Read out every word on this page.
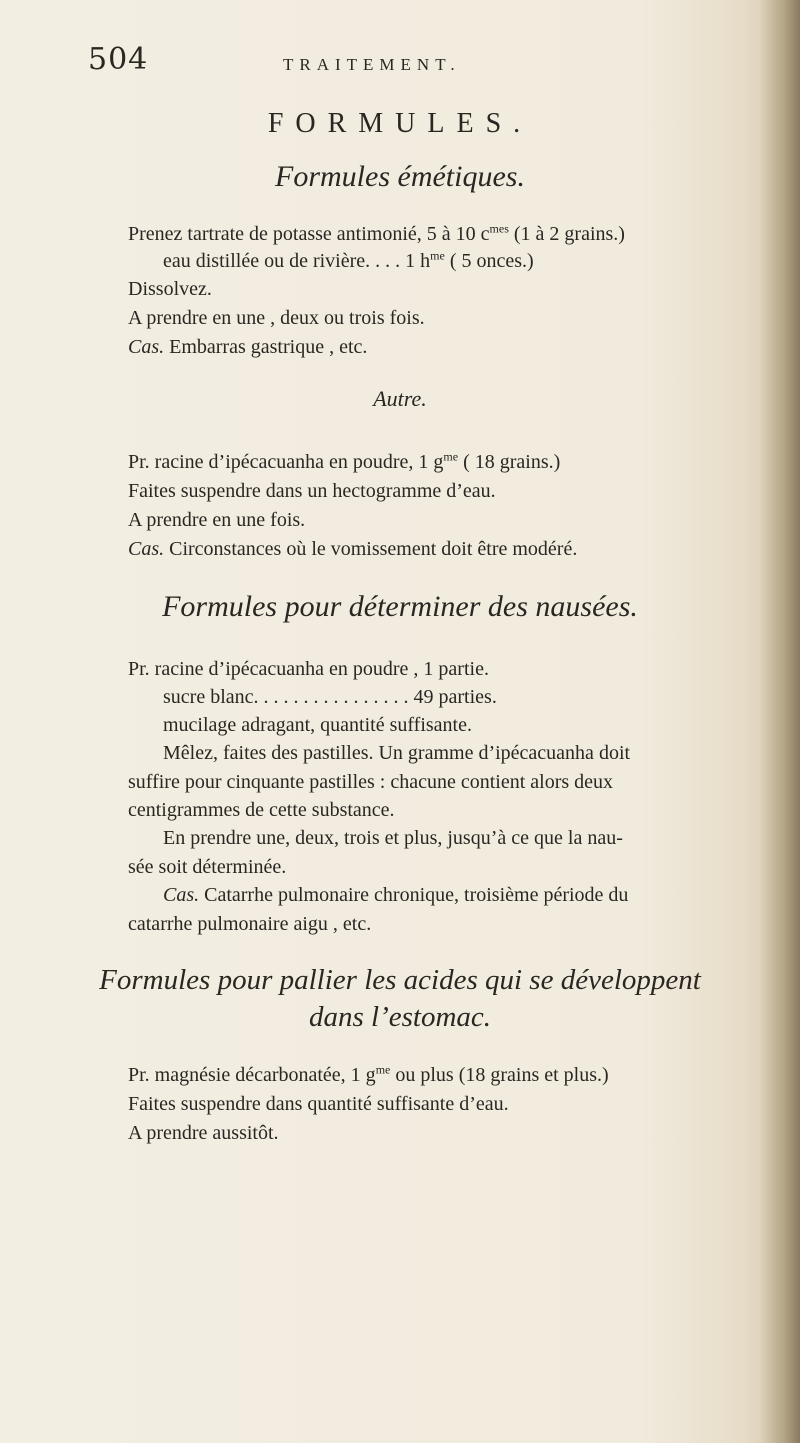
504	TRAITEMENT.
FORMULES.
Formules émétiques.
Prenez tartrate de potasse antimonié, 5 à 10 $c^{mes}$ (1 à 2 grains.)
eau distillée ou de rivière. . . . 1 $h^{me}$ ( 5 onces.)
Dissolvez.
A prendre en une , deux ou trois fois.
Cas. Embarras gastrique , etc.
Autre.
Pr. racine d’ipécacuanha en poudre, 1 $g^{me}$ ( 18 grains.)
Faites suspendre dans un hectogramme d’eau.
A prendre en une fois.
Cas. Circonstances où le vomissement doit être modéré.
Formules pour déterminer des nausées.
Pr. racine d’ipécacuanha en poudre , 1 partie.
sucre blanc. . . . . . . . . . . . . . . . 49 parties.
mucilage adragant, quantité suffisante.
Mêlez, faites des pastilles. Un gramme d’ipécacuanha doit
suffire pour cinquante pastilles : chacune contient alors deux
centigrammes de cette substance.
En prendre une, deux, trois et plus, jusqu’à ce que la nau-
sée soit déterminée.
Cas. Catarrhe pulmonaire chronique, troisième période du
catarrhe pulmonaire aigu , etc.
Formules pour pallier les acides qui se développent
dans l’estomac.
Pr. magnésie décarbonatée, 1 $g^{me}$ ou plus (18 grains et plus.)
Faites suspendre dans quantité suffisante d’eau.
A prendre aussitôt.
